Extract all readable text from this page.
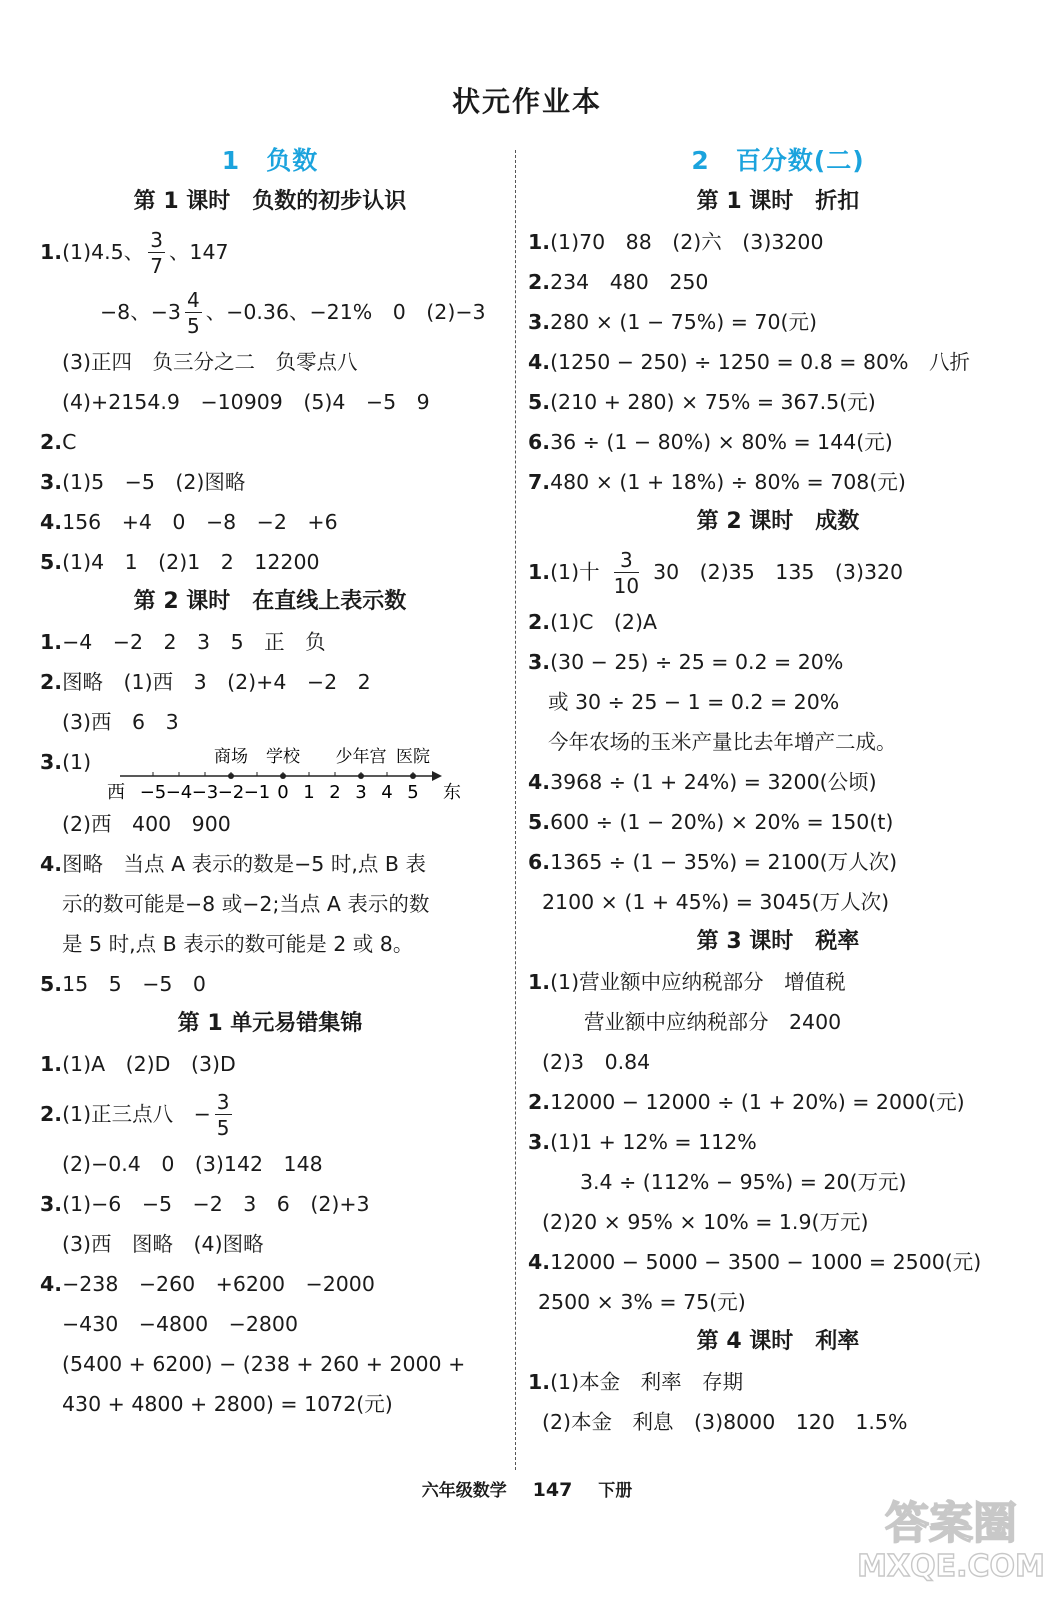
状元作业本
1　负数
第 1 课时　负数的初步认识
1.(1)4.5、 $\frac{3}{7}$ 、147
−8、$-3 \frac{4}{5}$ 、−0.36、−21%　0　(2)−3
(3)正四　负三分之二　负零点八
(4)+2154.9　−10909　(5)4　−5　9
2.C
3.(1)5　−5　(2)图略
4.156　+4　0　−8　−2　+6
5.(1)4　1　(2)1　2　12200
第 2 课时　在直线上表示数
1.−4　−2　2　3　5　正　负
2.图略　(1)西　3　(2)+4　−2　2
(3)西　6　3
3.(1)
西 −5 −4 −3 −2 −1 0 1 2 3 4 5 东
商场 学校 少年宫 医院
(2)西　400　900
4.图略　当点 A 表示的数是−5 时,点 B 表
示的数可能是−8 或−2;当点 A 表示的数
是 5 时,点 B 表示的数可能是 2 或 8。
5.15　5　−5　0
第 1 单元易错集锦
1.(1)A　(2)D　(3)D
2.(1)正三点八　− $\frac{3}{5}$
(2)−0.4　0　(3)142　148
3.(1)−6　−5　−2　3　6　(2)+3
(3)西　图略　(4)图略
4.−238　−260　+6200　−2000
−430　−4800　−2800
(5400 + 6200) − (238 + 260 + 2000 +
430 + 4800 + 2800) = 1072(元)
2　百分数(二)
第 1 课时　折扣
1.(1)70　88　(2)六　(3)3200
2.234　480　250
3.280 × (1 − 75%) = 70(元)
4.(1250 − 250) ÷ 1250 = 0.8 = 80%　八折
5.(210 + 280) × 75% = 367.5(元)
6.36 ÷ (1 − 80%) × 80% = 144(元)
7.480 × (1 + 18%) ÷ 80% = 708(元)
第 2 课时　成数
1.(1)十 $\frac{3}{10} 30$　(2)35　135　(3)320
2.(1)C　(2)A
3.(30 − 25) ÷ 25 = 0.2 = 20%
或 30 ÷ 25 − 1 = 0.2 = 20%
今年农场的玉米产量比去年增产二成。
4.3968 ÷ (1 + 24%) = 3200(公顷)
5.600 ÷ (1 − 20%) × 20% = 150(t)
6.1365 ÷ (1 − 35%) = 2100(万人次)
2100 × (1 + 45%) = 3045(万人次)
第 3 课时　税率
1.(1)营业额中应纳税部分　增值税
营业额中应纳税部分　2400
(2)3　0.84
2.12000 − 12000 ÷ (1 + 20%) = 2000(元)
3.(1)1 + 12% = 112%
3.4 ÷ (112% − 95%) = 20(万元)
(2)20 × 95% × 10% = 1.9(万元)
4.12000 − 5000 − 3500 − 1000 = 2500(元)
2500 × 3% = 75(元)
第 4 课时　利率
1.(1)本金　利率　存期
(2)本金　利息　(3)8000　120　1.5%
六年级数学 147 下册
答案圈
MXQE.COM
